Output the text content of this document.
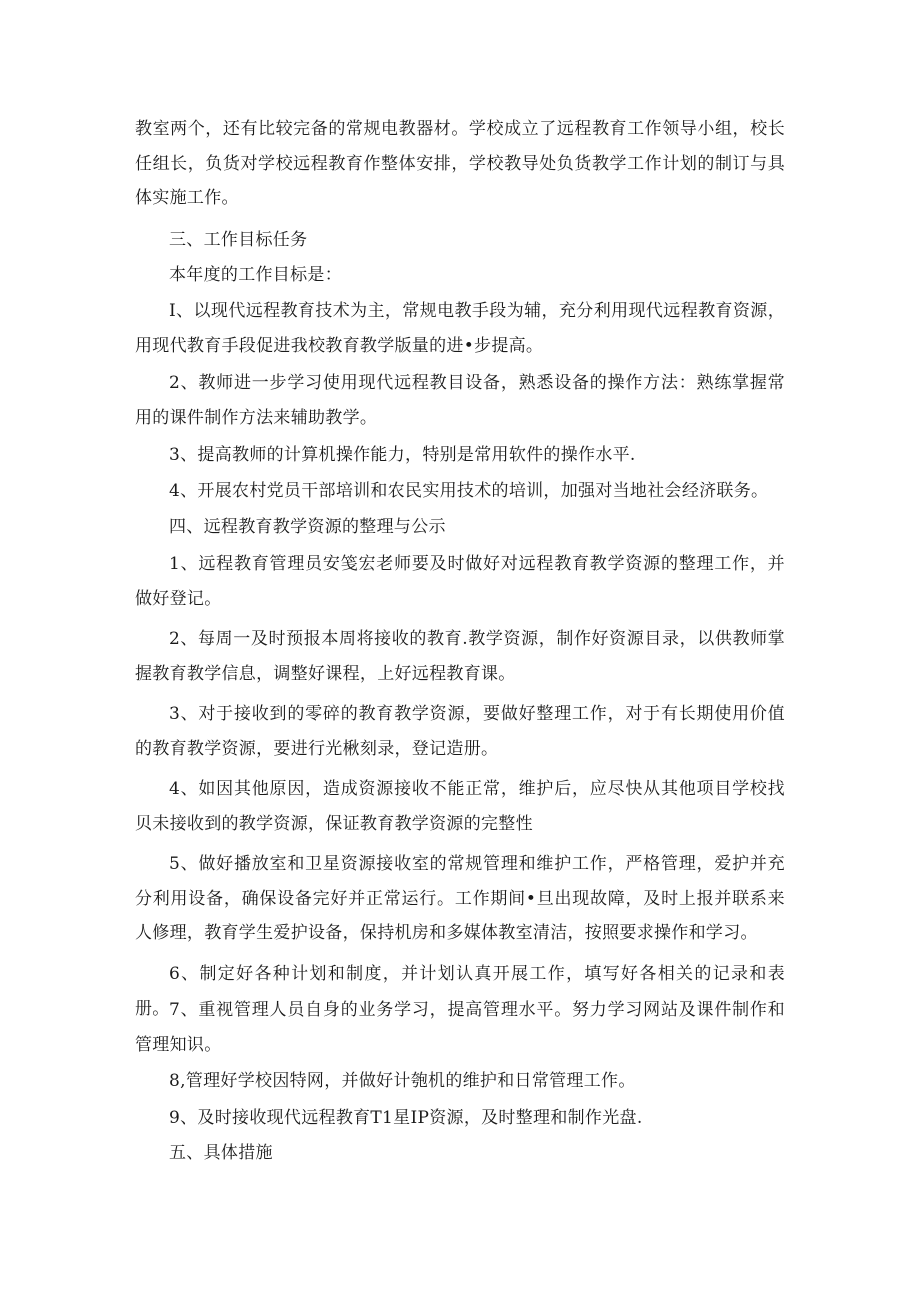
教室两个，还有比较完备的常规电教器材。学校成立了远程教育工作领导小组，校长任组长，负货对学校远程教育作整体安排，学校教导处负货教学工作计划的制订与具体实施工作。

三、工作目标任务

本年度的工作目标是：

I、以现代远程教育技术为主，常规电教手段为辅，充分利用现代远程教育资源，用现代教育手段促进我校教育教学版量的进•步提高。

2、教师进一步学习使用现代远程教目设备，熟悉设备的操作方法：熟练掌握常用的课件制作方法来辅助教学。

3、提高教师的计算机操作能力，特别是常用软件的操作水平.

4、开展农村党员干部培训和农民实用技术的培训，加强对当地社会经济联务。

四、远程教育教学资源的整理与公示

1、远程教育管理员安笺宏老师要及时做好对远程教育教学资源的整理工作，并做好登记。

2、每周一及时预报本周将接收的教育.教学资源，制作好资源目录，以供教师掌握教育教学信息，调整好课程，上好远程教育课。

3、对于接收到的零碎的教育教学资源，要做好整理工作，对于有长期使用价值的教育教学资源，要进行光楸刻录，登记造册。

4、如因其他原因，造成资源接收不能正常，维护后，应尽快从其他项目学校找贝未接收到的教学资源，保证教育教学资源的完整性

5、做好播放室和卫星资源接收室的常规管理和维护工作，严格管理，爱护并充分利用设备，确保设备完好并正常运行。工作期间•旦出现故障，及时上报并联系来人修理，教育学生爱护设备，保持机房和多媒体教室清洁，按照要求操作和学习。

6、制定好各种计划和制度，并计划认真开展工作，填写好各相关的记录和表册。 7、重视管理人员自身的业务学习，提高管理水平。努力学习网站及课件制作和管理知识。

8,管理好学校因特网，并做好计匏机的维护和日常管理工作。

9、及时接收现代远程教育T1星IP资源，及时整理和制作光盘.

五、具体措施
